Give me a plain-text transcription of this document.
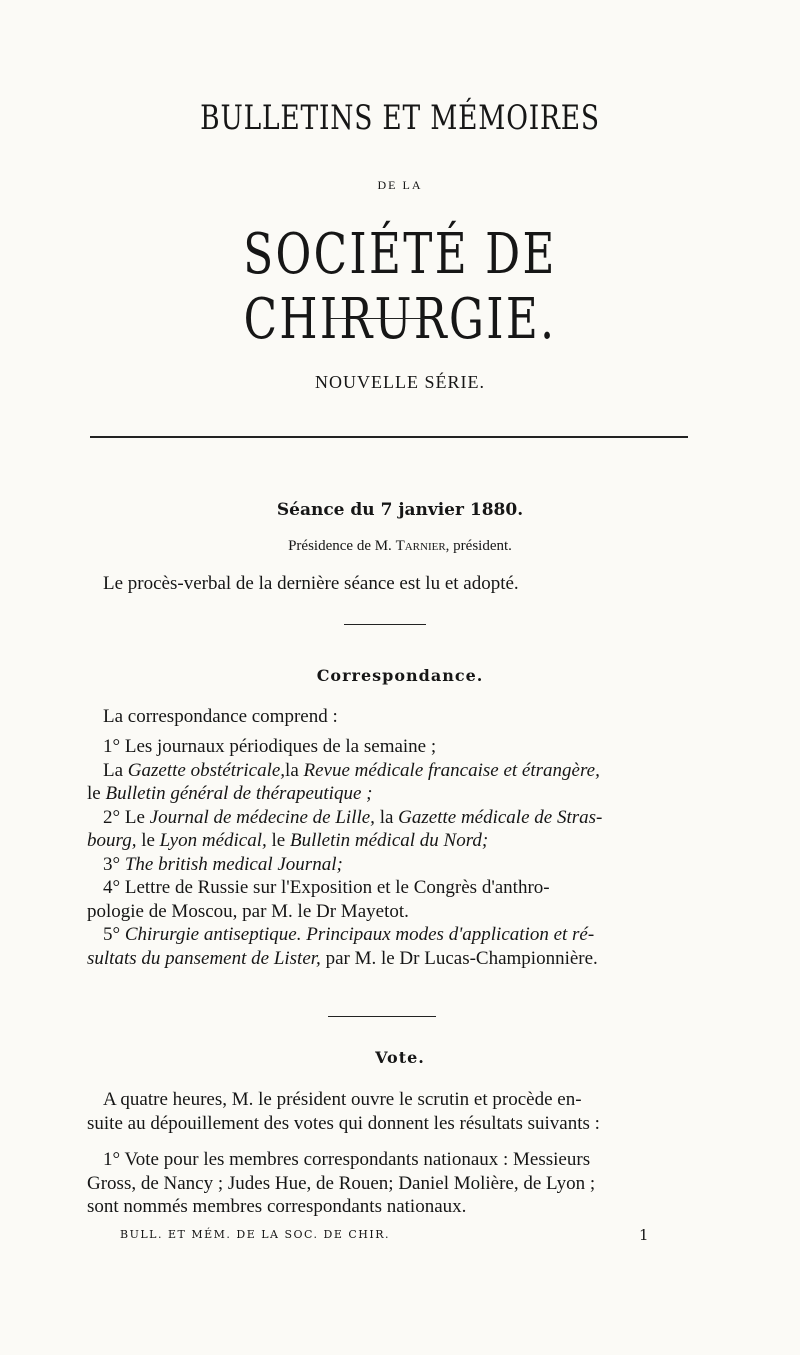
BULLETINS ET MÉMOIRES
DE LA
SOCIÉTÉ DE CHIRURGIE.
NOUVELLE SÉRIE.
Séance du 7 janvier 1880.
Présidence de M. Tarnier, président.
Le procès-verbal de la dernière séance est lu et adopté.
Correspondance.
La correspondance comprend :
1° Les journaux périodiques de la semaine ;
La Gazette obstétricale,la Revue médicale francaise et étrangère,
le Bulletin général de thérapeutique ;
2° Le Journal de médecine de Lille, la Gazette médicale de Stras-
bourg, le Lyon médical, le Bulletin médical du Nord;
3° The british medical Journal;
4° Lettre de Russie sur l'Exposition et le Congrès d'anthro-
pologie de Moscou, par M. le Dr Mayetot.
5° Chirurgie antiseptique. Principaux modes d'application et ré-
sultats du pansement de Lister, par M. le Dr Lucas-Championnière.
Vote.
A quatre heures, M. le président ouvre le scrutin et procède en-
suite au dépouillement des votes qui donnent les résultats suivants :
1° Vote pour les membres correspondants nationaux : Messieurs
Gross, de Nancy ; Judes Hue, de Rouen; Daniel Molière, de Lyon ;
sont nommés membres correspondants nationaux.
BULL. ET MÉM. DE LA SOC. DE CHIR.	1
